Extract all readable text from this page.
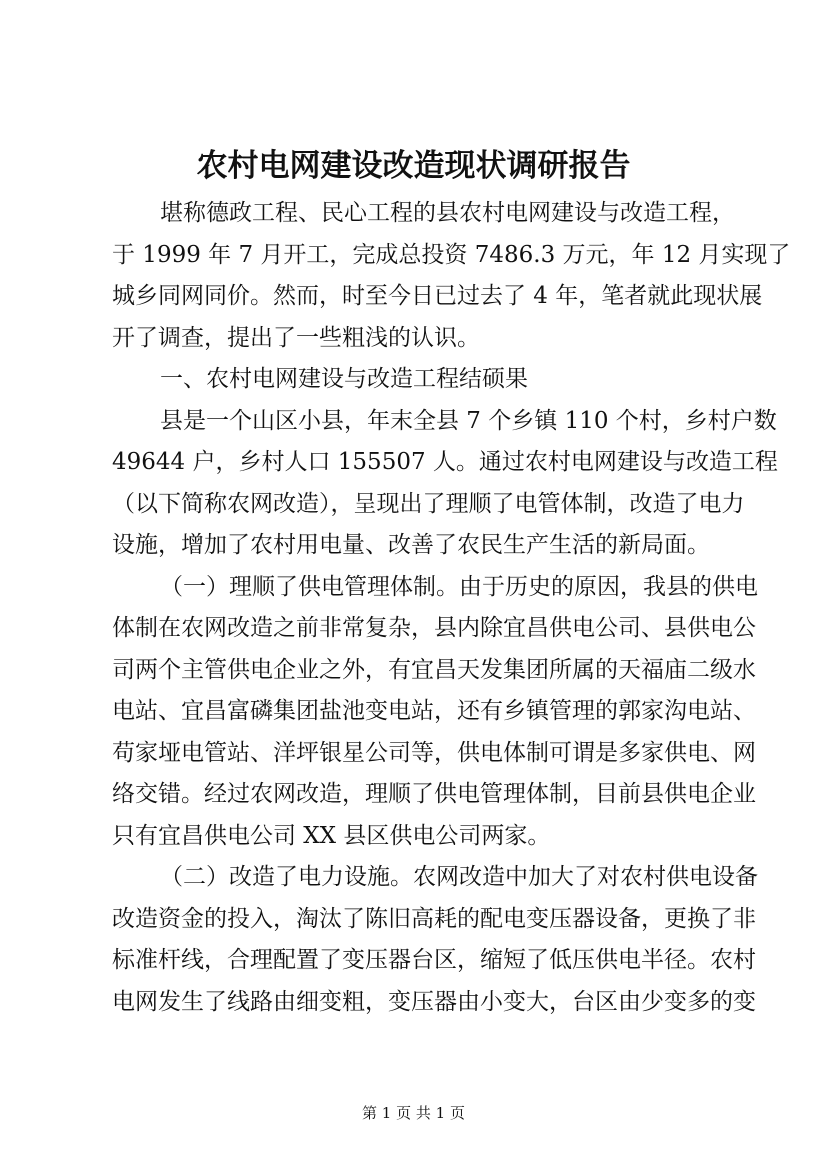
农村电网建设改造现状调研报告
堪称德政工程、民心工程的县农村电网建设与改造工程，
于 1999 年 7 月开工，完成总投资 7486.3 万元，年 12 月实现了
城乡同网同价。然而，时至今日已过去了 4 年，笔者就此现状展
开了调查，提出了一些粗浅的认识。
一、农村电网建设与改造工程结硕果
县是一个山区小县，年末全县 7 个乡镇 110 个村，乡村户数
49644 户，乡村人口 155507 人。通过农村电网建设与改造工程
（以下简称农网改造），呈现出了理顺了电管体制，改造了电力
设施，增加了农村用电量、改善了农民生产生活的新局面。
（一）理顺了供电管理体制。由于历史的原因，我县的供电
体制在农网改造之前非常复杂，县内除宜昌供电公司、县供电公
司两个主管供电企业之外，有宜昌天发集团所属的天福庙二级水
电站、宜昌富磷集团盐池变电站，还有乡镇管理的郭家沟电站、
苟家垭电管站、洋坪银星公司等，供电体制可谓是多家供电、网
络交错。经过农网改造，理顺了供电管理体制，目前县供电企业
只有宜昌供电公司 XX 县区供电公司两家。
（二）改造了电力设施。农网改造中加大了对农村供电设备
改造资金的投入，淘汰了陈旧高耗的配电变压器设备，更换了非
标准杆线，合理配置了变压器台区，缩短了低压供电半径。农村
电网发生了线路由细变粗，变压器由小变大，台区由少变多的变
第 1 页 共 1 页
